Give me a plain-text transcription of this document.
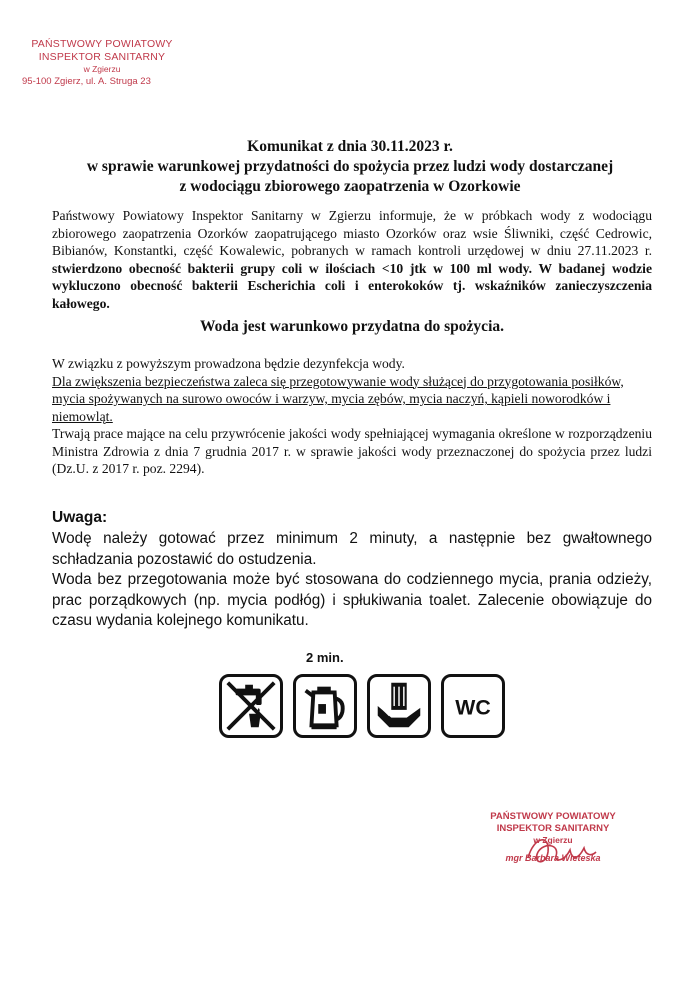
PAŃSTWOWY POWIATOWY
INSPEKTOR SANITARNY
w Zgierzu
95-100 Zgierz, ul. A. Struga 23
Komunikat z dnia 30.11.2023 r.
w sprawie warunkowej przydatności do spożycia przez ludzi wody dostarczanej
z wodociągu zbiorowego zaopatrzenia w Ozorkowie

Państwowy Powiatowy Inspektor Sanitarny w Zgierzu informuje, że w próbkach wody z wodociągu zbiorowego zaopatrzenia Ozorków zaopatrującego miasto Ozorków oraz wsie Śliwniki, część Cedrowic, Bibianów, Konstantki, część Kowalewic, pobranych w ramach kontroli urzędowej w dniu 27.11.2023 r. stwierdzono obecność bakterii grupy coli w ilościach <10 jtk w 100 ml wody. W badanej wodzie wykluczono obecność bakterii Escherichia coli i enterokoków tj. wskaźników zanieczyszczenia kałowego.

Woda jest warunkowo przydatna do spożycia.
W związku z powyższym prowadzona będzie dezynfekcja wody.
Dla zwiększenia bezpieczeństwa zaleca się przegotowywanie wody służącej do przygotowania posiłków, mycia spożywanych na surowo owoców i warzyw, mycia zębów, mycia naczyń, kąpieli noworodków i niemowląt.

Trwają prace mające na celu przywrócenie jakości wody spełniającej wymagania określone w rozporządzeniu Ministra Zdrowia z dnia 7 grudnia 2017 r. w sprawie jakości wody przeznaczonej do spożycia przez ludzi (Dz.U. z 2017 r. poz. 2294).

Uwaga:
Wodę należy gotować przez minimum 2 minuty, a następnie bez gwałtownego schładzania pozostawić do ostudzenia.
Woda bez przegotowania może być stosowana do codziennego mycia, prania odzieży, prac porządkowych (np. mycia podłóg) i spłukiwania toalet. Zalecenie obowiązuje do czasu wydania kolejnego komunikatu.
2 min.
WC
PAŃSTWOWY POWIATOWY
INSPEKTOR SANITARNY
w Zgierzu
mgr Barbara Wieteska
